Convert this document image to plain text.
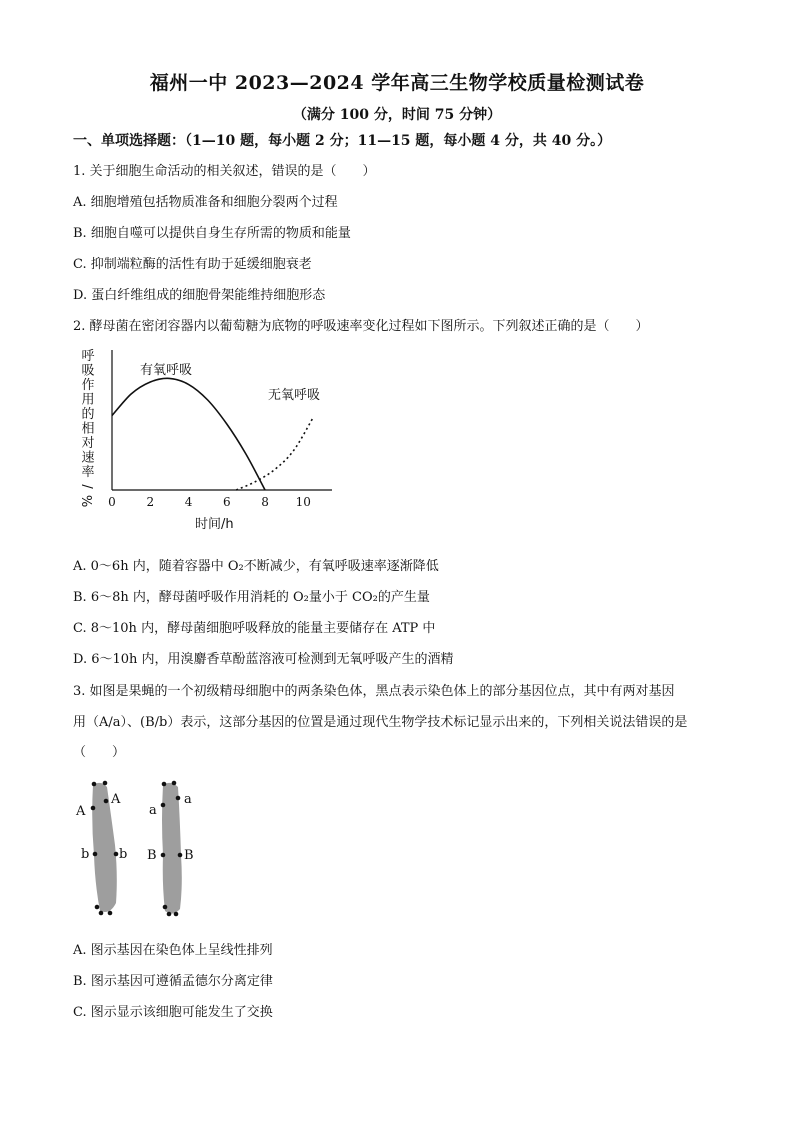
福州一中 2023—2024 学年高三生物学校质量检测试卷
（满分 100 分，时间 75 分钟）
一、单项选择题：（1—10 题，每小题 2 分；11—15 题，每小题 4 分，共 40 分。）
1. 关于细胞生命活动的相关叙述，错误的是（　　）
A. 细胞增殖包括物质准备和细胞分裂两个过程
B. 细胞自噬可以提供自身生存所需的物质和能量
C. 抑制端粒酶的活性有助于延缓细胞衰老
D. 蛋白纤维组成的细胞骨架能维持细胞形态
2. 酵母菌在密闭容器内以葡萄糖为底物的呼吸速率变化过程如下图所示。下列叙述正确的是（　　）
呼
吸
作
用
的
相
对
速
率
/
% 0	2	4	6	8 10
有氧呼吸
无氧呼吸
时间/h
A. 0～6h 内，随着容器中 O₂不断减少，有氧呼吸速率逐渐降低
B. 6～8h 内，酵母菌呼吸作用消耗的 O₂量小于 CO₂的产生量
C. 8～10h 内，酵母菌细胞呼吸释放的能量主要储存在 ATP 中
D. 6～10h 内，用溴麝香草酚蓝溶液可检测到无氧呼吸产生的酒精
3. 如图是果蝇的一个初级精母细胞中的两条染色体，黑点表示染色体上的部分基因位点，其中有两对基因
用（A/a）、(B/b）表示，这部分基因的位置是通过现代生物学技术标记显示出来的，下列相关说法错误的是
（　　）
A
A
b b
a
a
B B
A. 图示基因在染色体上呈线性排列
B. 图示基因可遵循孟德尔分离定律
C. 图示显示该细胞可能发生了交换
